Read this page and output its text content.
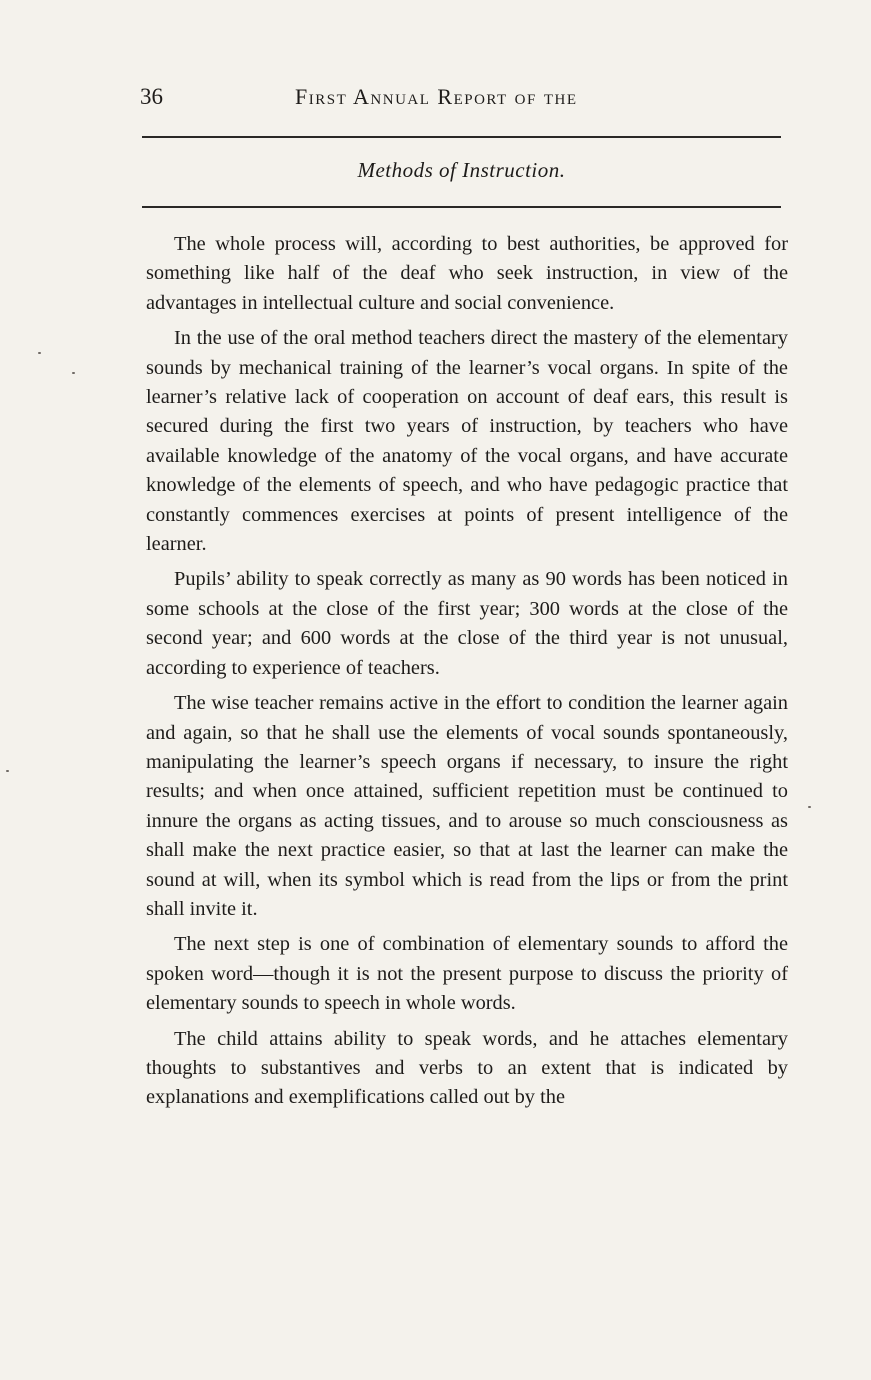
36	First Annual Report of the
Methods of Instruction.

The whole process will, according to best authorities, be approved for something like half of the deaf who seek instruction, in view of the advantages in intellectual culture and social convenience.

In the use of the oral method teachers direct the mastery of the elementary sounds by mechanical training of the learner’s vocal organs. In spite of the learner’s relative lack of cooperation on account of deaf ears, this result is secured during the first two years of instruction, by teachers who have available knowledge of the anatomy of the vocal organs, and have accurate knowledge of the elements of speech, and who have pedagogic practice that constantly commences exercises at points of present intelligence of the learner.

Pupils’ ability to speak correctly as many as 90 words has been noticed in some schools at the close of the first year; 300 words at the close of the second year; and 600 words at the close of the third year is not unusual, according to experience of teachers.

The wise teacher remains active in the effort to condition the learner again and again, so that he shall use the elements of vocal sounds spontaneously, manipulating the learner’s speech organs if necessary, to insure the right results; and when once attained, sufficient repetition must be continued to innure the organs as acting tissues, and to arouse so much consciousness as shall make the next practice easier, so that at last the learner can make the sound at will, when its symbol which is read from the lips or from the print shall invite it.

The next step is one of combination of elementary sounds to afford the spoken word—though it is not the present purpose to discuss the priority of elementary sounds to speech in whole words.

The child attains ability to speak words, and he attaches elementary thoughts to substantives and verbs to an extent that is indicated by explanations and exemplifications called out by the
